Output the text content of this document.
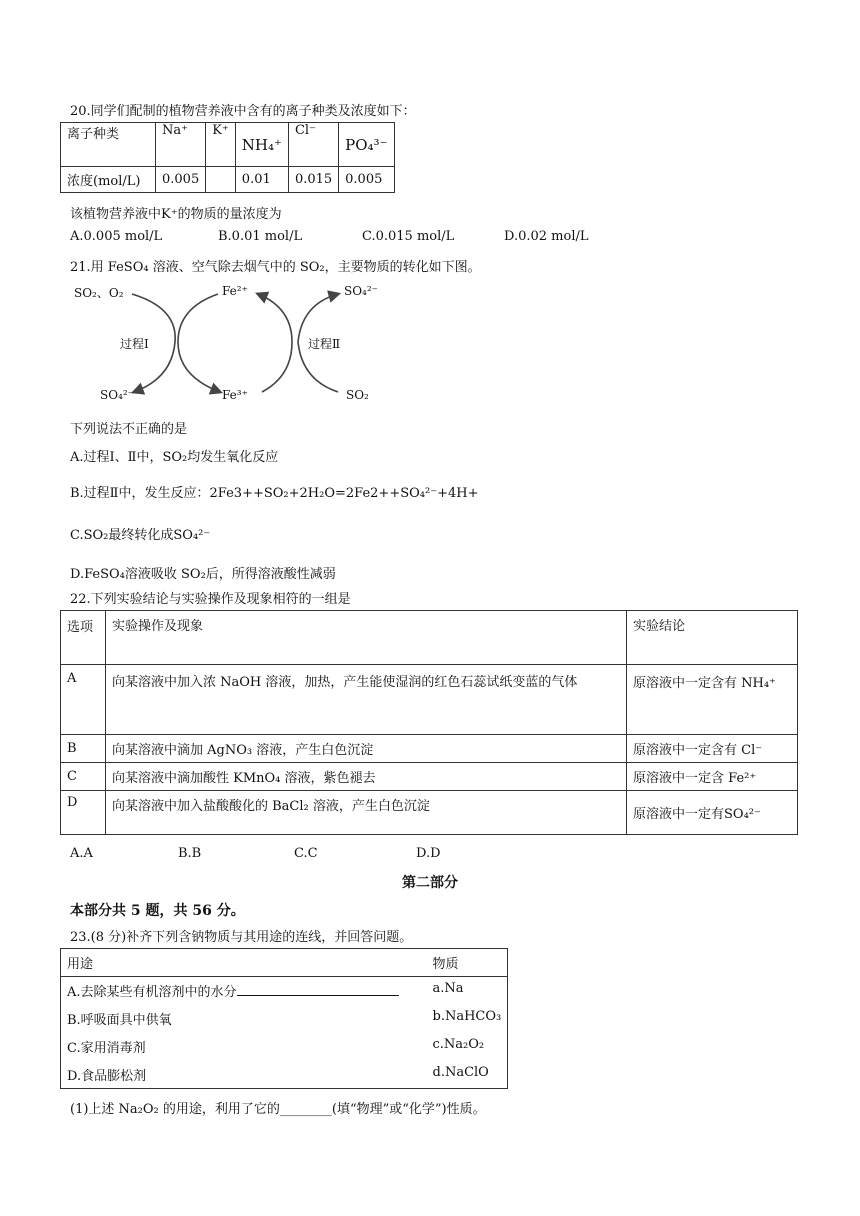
20.同学们配制的植物营养液中含有的离子种类及浓度如下：
离子种类	Na⁺	K⁺	NH₄⁺	Cl⁻	PO₄³⁻
浓度(mol/L)	0.005		0.01	0.015	0.005
该植物营养液中K⁺的物质的量浓度为
A.0.005 mol/L	B.0.01 mol/L	C.0.015 mol/L	D.0.02 mol/L
21.用 FeSO₄ 溶液、空气除去烟气中的 SO₂，主要物质的转化如下图。
SO₂、O₂
过程Ⅰ
SO₄²⁻
Fe²⁺
Fe³⁺
过程Ⅱ
SO₄²⁻
SO₂
下列说法不正确的是
A.过程Ⅰ、Ⅱ中，SO₂均发生氧化反应
B.过程Ⅱ中，发生反应：2Fe3++SO₂+2H₂O=2Fe2++SO₄²⁻+4H+
C.SO₂最终转化成SO₄²⁻
D.FeSO₄溶液吸收 SO₂后，所得溶液酸性减弱
22.下列实验结论与实验操作及现象相符的一组是
选项	实验操作及现象	实验结论
A	向某溶液中加入浓 NaOH 溶液，加热，产生能使湿润的红色石蕊试纸变蓝的气体	原溶液中一定含有 NH₄⁺
B	向某溶液中滴加 AgNO₃ 溶液，产生白色沉淀	原溶液中一定含有 Cl⁻
C	向某溶液中滴加酸性 KMnO₄ 溶液，紫色褪去	原溶液中一定含 Fe²⁺
D	向某溶液中加入盐酸酸化的 BaCl₂ 溶液，产生白色沉淀	原溶液中一定有SO₄²⁻
A.A	B.B	C.C	D.D
第二部分
本部分共 5 题，共 56 分。
23.(8 分)补齐下列含钠物质与其用途的连线，并回答问题。
用途	物质

A.去除某些有机溶剂中的水分	a.Na

B.呼吸面具中供氧	b.NaHCO₃

C.家用消毒剂	c.Na₂O₂

D.食品膨松剂	d.NaClO
(1)上述 Na₂O₂ 的用途，利用了它的________(填“物理”或“化学”)性质。
